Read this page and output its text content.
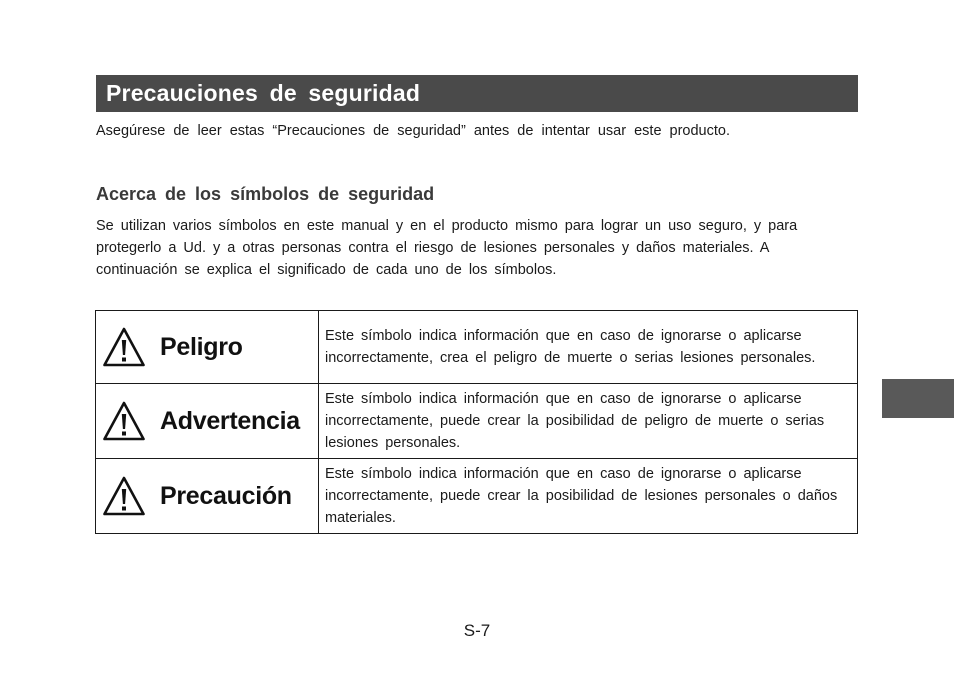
Precauciones de seguridad

Asegúrese de leer estas “Precauciones de seguridad” antes de intentar usar este producto.

Acerca de los símbolos de seguridad

Se utilizan varios símbolos en este manual y en el producto mismo para lograr un uso seguro, y para protegerlo a Ud. y a otras personas contra el riesgo de lesiones personales y daños materiales. A continuación se explica el significado de cada uno de los símbolos.

Peligro	Este símbolo indica información que en caso de ignorarse o aplicarse incorrectamente, crea el peligro de muerte o serias lesiones personales.

Advertencia	Este símbolo indica información que en caso de ignorarse o aplicarse incorrectamente, puede crear la posibilidad de peligro de muerte o serias lesiones personales.

Precaución	Este símbolo indica información que en caso de ignorarse o aplicarse incorrectamente, puede crear la posibilidad de lesiones personales o daños materiales.

S-7
